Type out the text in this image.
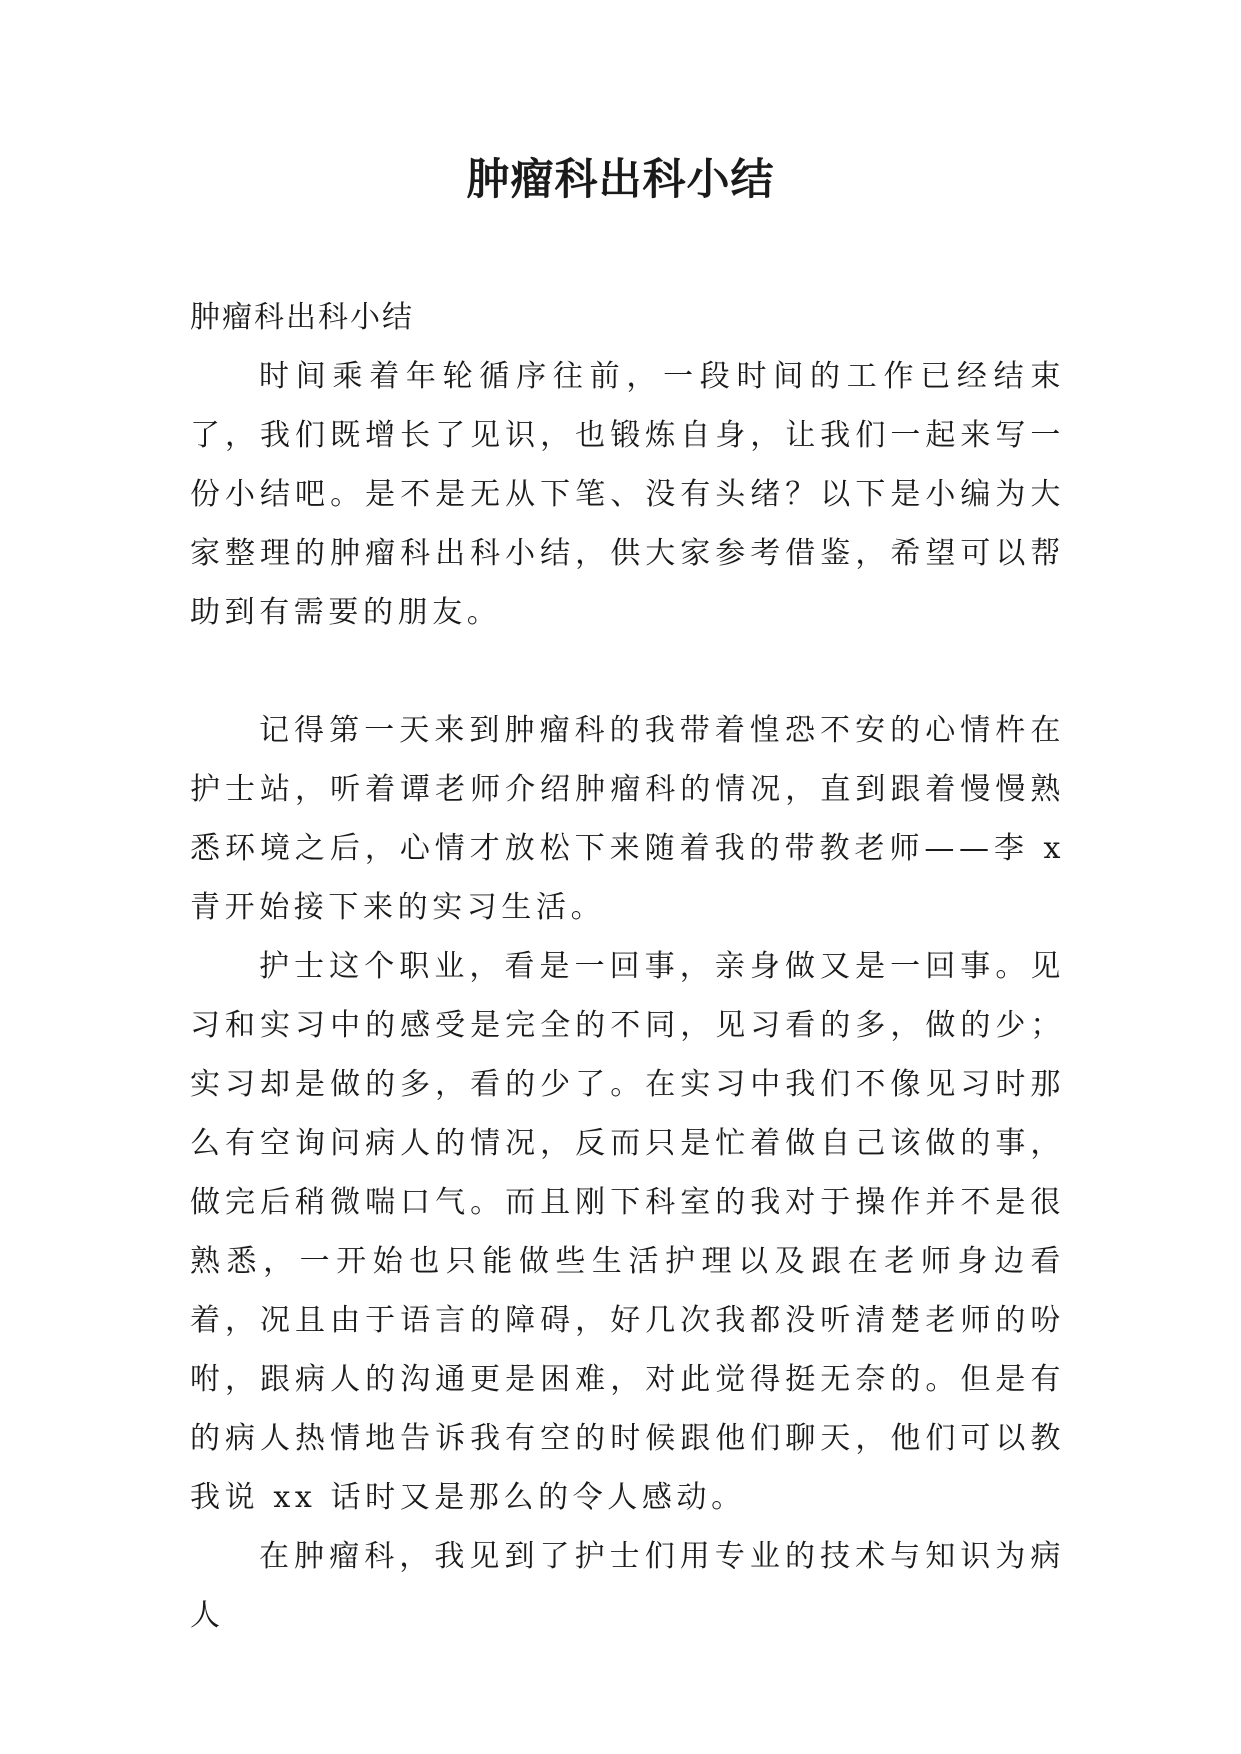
肿瘤科出科小结

肿瘤科出科小结

时间乘着年轮循序往前，一段时间的工作已经结束了，我们既增长了见识，也锻炼自身，让我们一起来写一份小结吧。是不是无从下笔、没有头绪？以下是小编为大家整理的肿瘤科出科小结，供大家参考借鉴，希望可以帮助到有需要的朋友。

记得第一天来到肿瘤科的我带着惶恐不安的心情杵在护士站，听着谭老师介绍肿瘤科的情况，直到跟着慢慢熟悉环境之后，心情才放松下来随着我的带教老师——李 x 青开始接下来的实习生活。

护士这个职业，看是一回事，亲身做又是一回事。见习和实习中的感受是完全的不同，见习看的多，做的少；实习却是做的多，看的少了。在实习中我们不像见习时那么有空询问病人的情况，反而只是忙着做自己该做的事，做完后稍微喘口气。而且刚下科室的我对于操作并不是很熟悉，一开始也只能做些生活护理以及跟在老师身边看着，况且由于语言的障碍，好几次我都没听清楚老师的吩咐，跟病人的沟通更是困难，对此觉得挺无奈的。但是有的病人热情地告诉我有空的时候跟他们聊天，他们可以教我说 xx 话时又是那么的令人感动。

在肿瘤科，我见到了护士们用专业的技术与知识为病人
